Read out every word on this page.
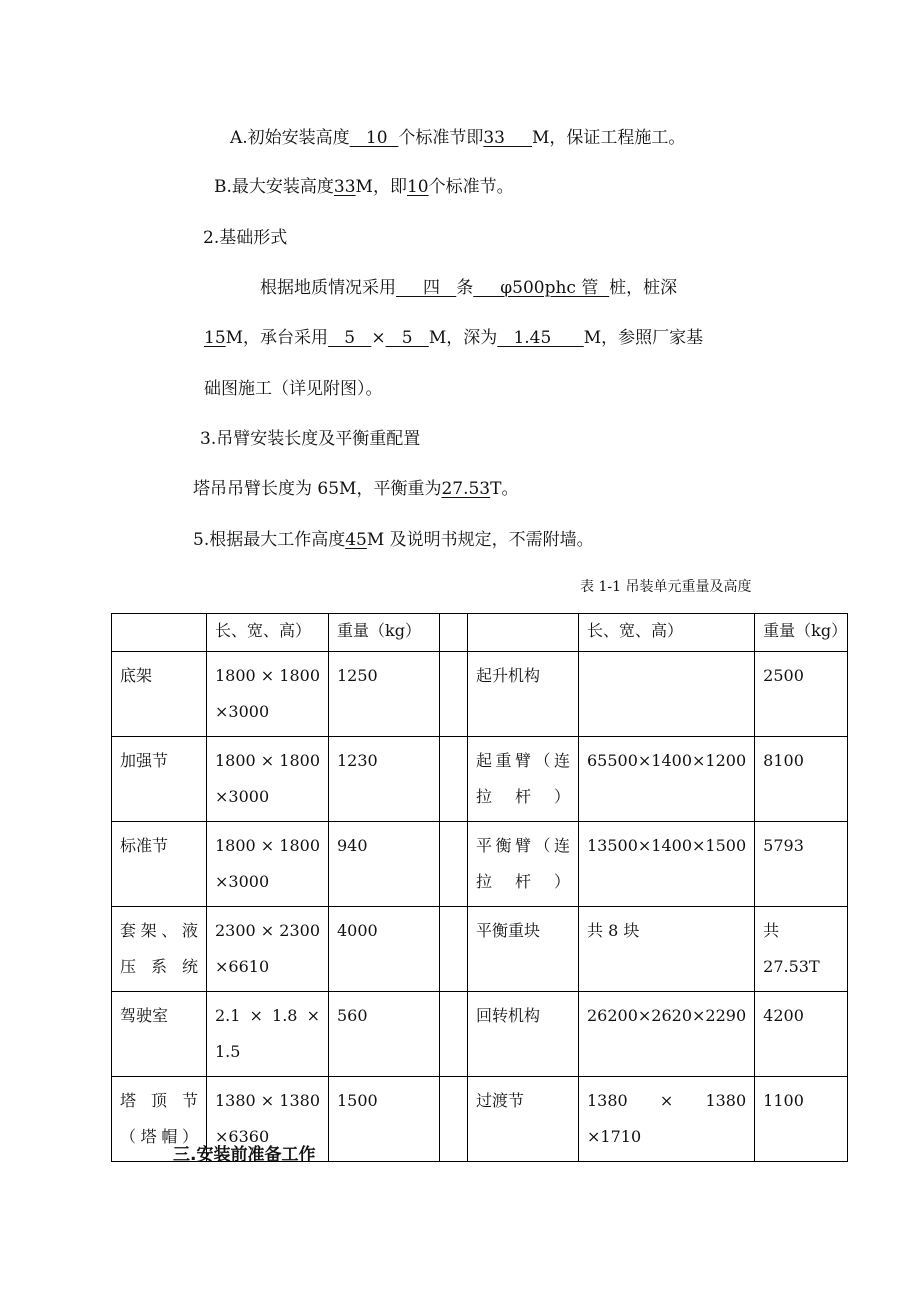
A.初始安装高度   10  个标准节即33     M，保证工程施工。
B.最大安装高度33M，即10个标准节。
2.基础形式
根据地质情况采用     四   条     φ500phc 管  桩，桩深
15M，承台采用   5   ×   5   M，深为   1.45      M，参照厂家基
础图施工（详见附图）。
3.吊臂安装长度及平衡重配置
塔吊吊臂长度为 65M，平衡重为27.53T。
5.根据最大工作高度45M 及说明书规定，不需附墙。
表 1-1 吊装单元重量及高度
	长、宽、高）	重量（kg）			长、宽、高）	重量（kg）
底架	1800 × 1800 ×3000	1250		起升机构		2500
加强节	1800 × 1800 ×3000	1230		起重臂（连拉杆）	65500×1400×1200	8100
标准节	1800 × 1800 ×3000	940		平衡臂（连拉杆）	13500×1400×1500	5793
套架、液压系统	2300 × 2300 ×6610	4000		平衡重块	共 8 块	共 27.53T
驾驶室	2.1 × 1.8 × 1.5	560		回转机构	26200×2620×2290	4200
塔 顶 节（塔帽）	1380 × 1380 ×6360	1500		过渡节	1380 × 1380 ×1710	1100
三.安装前准备工作
